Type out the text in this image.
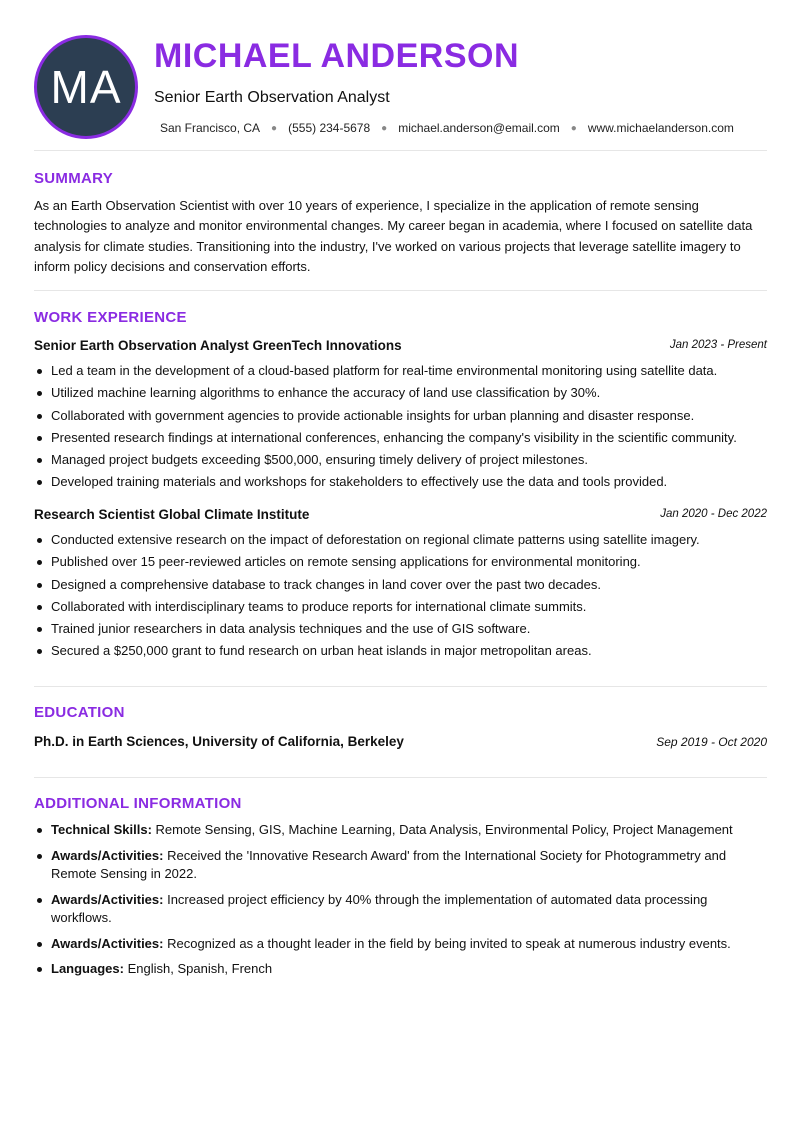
MA
MICHAEL ANDERSON
Senior Earth Observation Analyst
San Francisco, CA ● (555) 234-5678 ● michael.anderson@email.com ● www.michaelanderson.com
SUMMARY
As an Earth Observation Scientist with over 10 years of experience, I specialize in the application of remote sensing technologies to analyze and monitor environmental changes. My career began in academia, where I focused on satellite data analysis for climate studies. Transitioning into the industry, I've worked on various projects that leverage satellite imagery to inform policy decisions and conservation efforts.
WORK EXPERIENCE
Senior Earth Observation Analyst GreenTech Innovations	Jan 2023 - Present
Led a team in the development of a cloud-based platform for real-time environmental monitoring using satellite data.
Utilized machine learning algorithms to enhance the accuracy of land use classification by 30%.
Collaborated with government agencies to provide actionable insights for urban planning and disaster response.
Presented research findings at international conferences, enhancing the company's visibility in the scientific community.
Managed project budgets exceeding $500,000, ensuring timely delivery of project milestones.
Developed training materials and workshops for stakeholders to effectively use the data and tools provided.
Research Scientist Global Climate Institute	Jan 2020 - Dec 2022
Conducted extensive research on the impact of deforestation on regional climate patterns using satellite imagery.
Published over 15 peer-reviewed articles on remote sensing applications for environmental monitoring.
Designed a comprehensive database to track changes in land cover over the past two decades.
Collaborated with interdisciplinary teams to produce reports for international climate summits.
Trained junior researchers in data analysis techniques and the use of GIS software.
Secured a $250,000 grant to fund research on urban heat islands in major metropolitan areas.
EDUCATION
Ph.D. in Earth Sciences, University of California, Berkeley	Sep 2019 - Oct 2020
ADDITIONAL INFORMATION
Technical Skills: Remote Sensing, GIS, Machine Learning, Data Analysis, Environmental Policy, Project Management
Awards/Activities: Received the 'Innovative Research Award' from the International Society for Photogrammetry and Remote Sensing in 2022.
Awards/Activities: Increased project efficiency by 40% through the implementation of automated data processing workflows.
Awards/Activities: Recognized as a thought leader in the field by being invited to speak at numerous industry events.
Languages: English, Spanish, French
